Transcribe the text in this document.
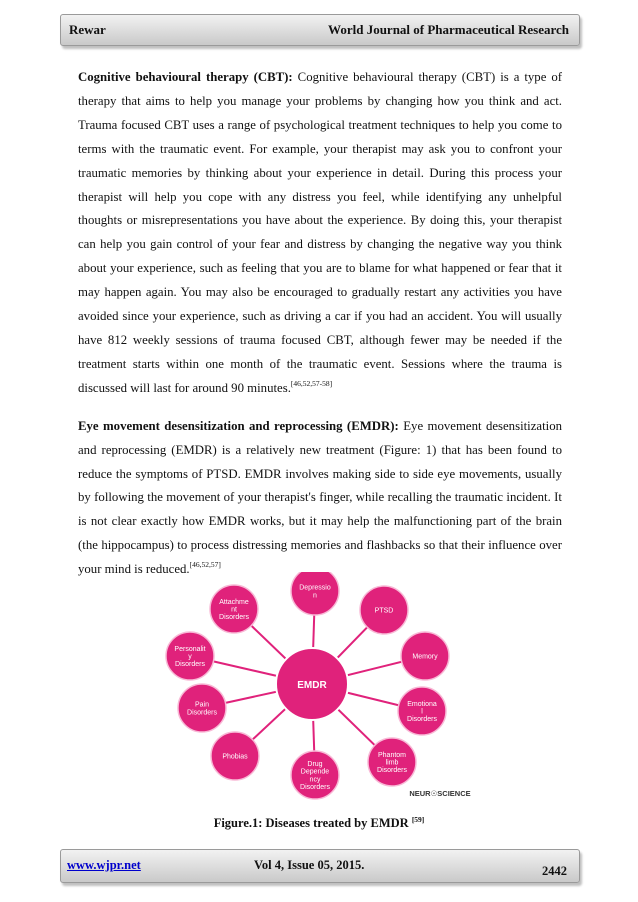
Rewar	World Journal of Pharmaceutical Research

Cognitive behavioural therapy (CBT): Cognitive behavioural therapy (CBT) is a type of therapy that aims to help you manage your problems by changing how you think and act. Trauma focused CBT uses a range of psychological treatment techniques to help you come to terms with the traumatic event. For example, your therapist may ask you to confront your traumatic memories by thinking about your experience in detail. During this process your therapist will help you cope with any distress you feel, while identifying any unhelpful thoughts or misrepresentations you have about the experience. By doing this, your therapist can help you gain control of your fear and distress by changing the negative way you think about your experience, such as feeling that you are to blame for what happened or fear that it may happen again. You may also be encouraged to gradually restart any activities you have avoided since your experience, such as driving a car if you had an accident. You will usually have 812 weekly sessions of trauma focused CBT, although fewer may be needed if the treatment starts within one month of the traumatic event. Sessions where the trauma is discussed will last for around 90 minutes.[46,52,57-58]

Eye movement desensitization and reprocessing (EMDR): Eye movement desensitization and reprocessing (EMDR) is a relatively new treatment (Figure: 1) that has been found to reduce the symptoms of PTSD. EMDR involves making side to side eye movements, usually by following the movement of your therapist's finger, while recalling the traumatic incident. It is not clear exactly how EMDR works, but it may help the malfunctioning part of the brain (the hippocampus) to process distressing memories and flashbacks so that their influence over your mind is reduced.[46,52,57]

EMDR
Depressio n
PTSD
Memory
Emotiona l Disorders
Phantom limb Disorders
Drug Depende ncy Disorders
Phobias
Pain Disorders
Personalit y Disorders
Attachme nt Disorders
NEUR☉SCIENCE
Figure.1: Diseases treated by EMDR [59]
www.wjpr.net	Vol 4, Issue 05, 2015.	2442
